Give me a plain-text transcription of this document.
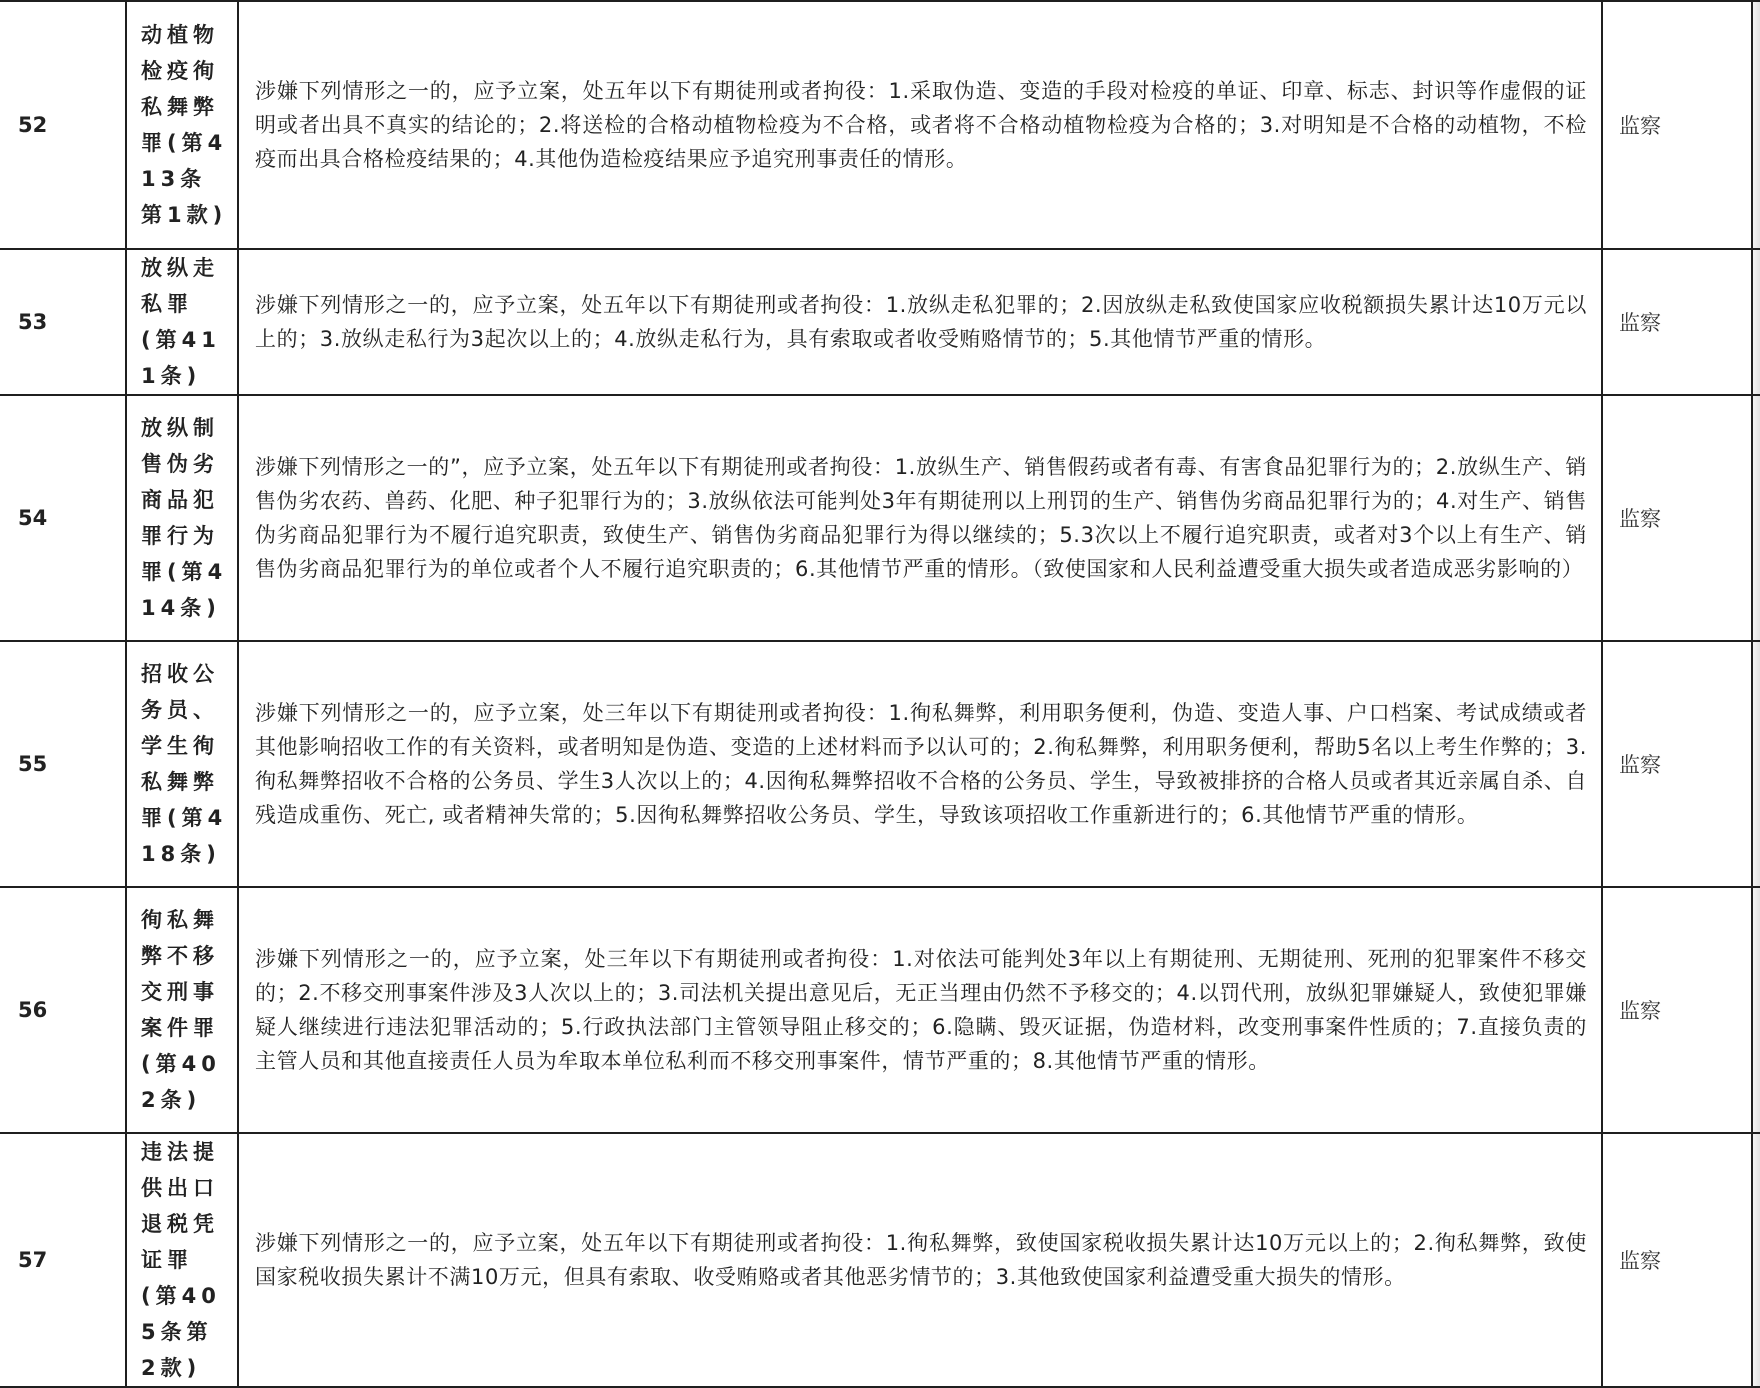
52	动植物检疫徇私舞弊罪(第413条第1款)	涉嫌下列情形之一的，应予立案，处五年以下有期徒刑或者拘役：1.采取伪造、变造的手段对检疫的单证、印章、标志、封识等作虚假的证明或者出具不真实的结论的；2.将送检的合格动植物检疫为不合格，或者将不合格动植物检疫为合格的；3.对明知是不合格的动植物，不检疫而出具合格检疫结果的；4.其他伪造检疫结果应予追究刑事责任的情形。	监察	
53	放纵走私罪(第411条)	涉嫌下列情形之一的，应予立案，处五年以下有期徒刑或者拘役：1.放纵走私犯罪的；2.因放纵走私致使国家应收税额损失累计达10万元以上的；3.放纵走私行为3起次以上的；4.放纵走私行为，具有索取或者收受贿赂情节的；5.其他情节严重的情形。	监察	
54	放纵制售伪劣商品犯罪行为罪(第414条)	涉嫌下列情形之一的”，应予立案，处五年以下有期徒刑或者拘役：1.放纵生产、销售假药或者有毒、有害食品犯罪行为的；2.放纵生产、销售伪劣农药、兽药、化肥、种子犯罪行为的；3.放纵依法可能判处3年有期徒刑以上刑罚的生产、销售伪劣商品犯罪行为的；4.对生产、销售伪劣商品犯罪行为不履行追究职责，致使生产、销售伪劣商品犯罪行为得以继续的；5.3次以上不履行追究职责，或者对3个以上有生产、销售伪劣商品犯罪行为的单位或者个人不履行追究职责的；6.其他情节严重的情形。（致使国家和人民利益遭受重大损失或者造成恶劣影响的）	监察	
55	招收公务员、学生徇私舞弊罪(第418条)	涉嫌下列情形之一的，应予立案，处三年以下有期徒刑或者拘役：1.徇私舞弊，利用职务便利，伪造、变造人事、户口档案、考试成绩或者其他影响招收工作的有关资料，或者明知是伪造、变造的上述材料而予以认可的；2.徇私舞弊，利用职务便利，帮助5名以上考生作弊的；3.徇私舞弊招收不合格的公务员、学生3人次以上的；4.因徇私舞弊招收不合格的公务员、学生，导致被排挤的合格人员或者其近亲属自杀、自残造成重伤、死亡, 或者精神失常的；5.因徇私舞弊招收公务员、学生，导致该项招收工作重新进行的；6.其他情节严重的情形。	监察	
56	徇私舞弊不移交刑事案件罪(第402条)	涉嫌下列情形之一的，应予立案，处三年以下有期徒刑或者拘役：1.对依法可能判处3年以上有期徒刑、无期徒刑、死刑的犯罪案件不移交的；2.不移交刑事案件涉及3人次以上的；3.司法机关提出意见后，无正当理由仍然不予移交的；4.以罚代刑，放纵犯罪嫌疑人，致使犯罪嫌疑人继续进行违法犯罪活动的；5.行政执法部门主管领导阻止移交的；6.隐瞒、毁灭证据，伪造材料，改变刑事案件性质的；7.直接负责的主管人员和其他直接责任人员为牟取本单位私利而不移交刑事案件，情节严重的；8.其他情节严重的情形。	监察	
57	违法提供出口退税凭证罪(第405条第2款)	涉嫌下列情形之一的，应予立案，处五年以下有期徒刑或者拘役：1.徇私舞弊，致使国家税收损失累计达10万元以上的；2.徇私舞弊，致使国家税收损失累计不满10万元，但具有索取、收受贿赂或者其他恶劣情节的；3.其他致使国家利益遭受重大损失的情形。	监察	
